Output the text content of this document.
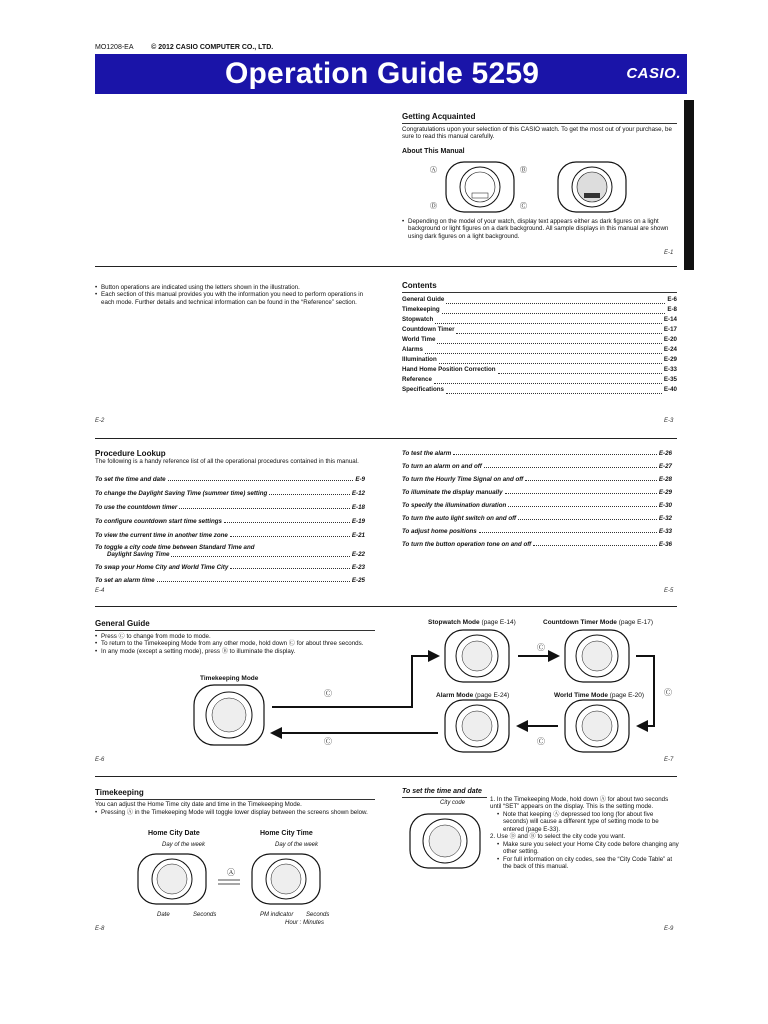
MO1208-EA	© 2012 CASIO COMPUTER CO., LTD.
Operation Guide 5259	CASIO.
Getting Acquainted
Congratulations upon your selection of this CASIO watch. To get the most out of your purchase, be sure to read this manual carefully.
About This Manual
Ⓐ
Ⓓ
Ⓑ
Ⓒ
• Depending on the model of your watch, display text appears either as dark figures on a light background or light figures on a dark background. All sample displays in this manual are shown using dark figures on a light background.
E-1
• Button operations are indicated using the letters shown in the illustration.
• Each section of this manual provides you with the information you need to perform operations in each mode. Further details and technical information can be found in the “Reference” section.
E-2
Contents
General Guide	E-6
Timekeeping	E-8
Stopwatch	E-14
Countdown Timer	E-17
World Time	E-20
Alarms	E-24
Illumination	E-29
Hand Home Position Correction	E-33
Reference	E-35
Specifications	E-40
E-3
Procedure Lookup
The following is a handy reference list of all the operational procedures contained in this manual.
To set the time and date	E-9
To change the Daylight Saving Time (summer time) setting	E-12
To use the countdown timer	E-18
To configure countdown start time settings	E-19
To view the current time in another time zone	E-21
To toggle a city code time between Standard Time and
Daylight Saving Time	E-22
To swap your Home City and World Time City	E-23
To set an alarm time	E-25
To test the alarm	E-26
To turn an alarm on and off	E-27
To turn the Hourly Time Signal on and off	E-28
To illuminate the display manually	E-29
To specify the illumination duration	E-30
To turn the auto light switch on and off	E-32
To adjust home positions	E-33
To turn the button operation tone on and off	E-36
E-4	E-5
General Guide
• Press Ⓒ to change from mode to mode.
• To return to the Timekeeping Mode from any other mode, hold down Ⓒ for about three seconds.
• In any mode (except a setting mode), press Ⓑ to illuminate the display.
Timekeeping Mode
Stopwatch Mode (page E-14)	Countdown Timer Mode (page E-17)
Alarm Mode (page E-24)	World Time Mode (page E-20)
Ⓒ
Ⓒ
Ⓒ
Ⓒ
Ⓒ
E-6	E-7
Timekeeping
You can adjust the Home Time city date and time in the Timekeeping Mode.
• Pressing Ⓐ in the Timekeeping Mode will toggle lower display between the screens shown below.
Home City Date	Home City Time
Day of the week	Day of the week
Ⓐ
Date	Seconds	PM indicator Seconds
Hour : Minutes
E-8
To set the time and date
City code	1. In the Timekeeping Mode, hold down Ⓐ for about two seconds until “SET” appears on the display. This is the setting mode.
• Note that keeping Ⓐ depressed too long (for about five seconds) will cause a different type of setting mode to be entered (page E-33).
2. Use Ⓓ and Ⓑ to select the city code you want.
• Make sure you select your Home City code before changing any other setting.
• For full information on city codes, see the “City Code Table” at the back of this manual.
E-9
